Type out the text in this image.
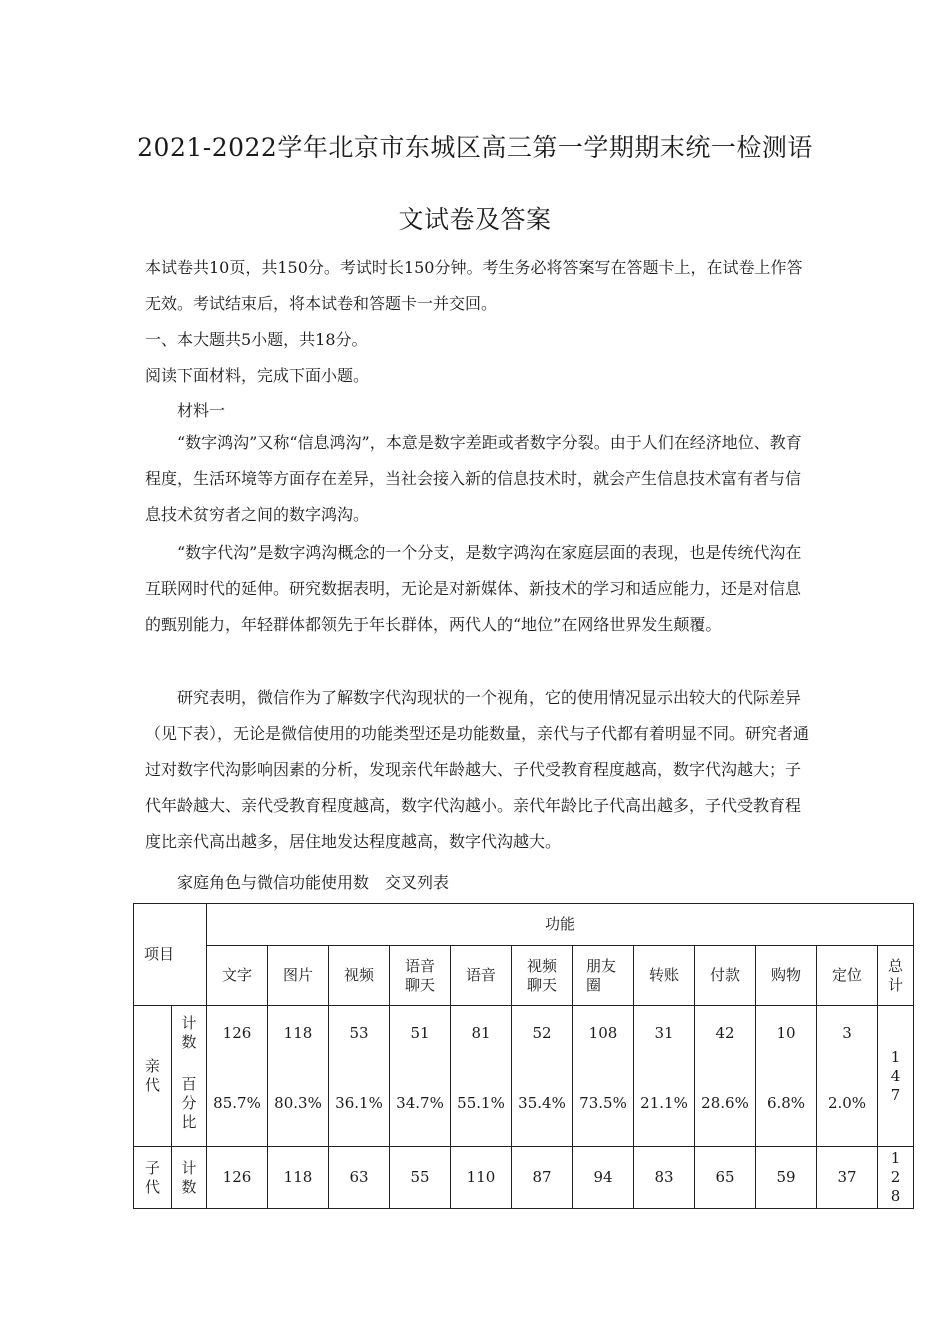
2021-2022学年北京市东城区高三第一学期期末统一检测语
文试卷及答案
本试卷共10页，共150分。考试时长150分钟。考生务必将答案写在答题卡上，在试卷上作答无效。考试结束后，将本试卷和答题卡一并交回。
一、本大题共5小题，共18分。
阅读下面材料，完成下面小题。
材料一
“数字鸿沟”又称“信息鸿沟”，本意是数字差距或者数字分裂。由于人们在经济地位、教育程度，生活环境等方面存在差异，当社会接入新的信息技术时，就会产生信息技术富有者与信息技术贫穷者之间的数字鸿沟。
“数字代沟”是数字鸿沟概念的一个分支，是数字鸿沟在家庭层面的表现，也是传统代沟在互联网时代的延伸。研究数据表明，无论是对新媒体、新技术的学习和适应能力，还是对信息的甄别能力，年轻群体都领先于年长群体，两代人的“地位”在网络世界发生颠覆。
研究表明，微信作为了解数字代沟现状的一个视角，它的使用情况显示出较大的代际差异（见下表），无论是微信使用的功能类型还是功能数量，亲代与子代都有着明显不同。研究者通过对数字代沟影响因素的分析，发现亲代年龄越大、子代受教育程度越高，数字代沟越大；子代年龄越大、亲代受教育程度越高，数字代沟越小。亲代年龄比子代高出越多，子代受教育程度比亲代高出越多，居住地发达程度越高，数字代沟越大。
家庭角色与微信功能使用数　交叉列表
项目		功能											
		文字	图片	视频	语音聊天	语音	视频聊天	朋友圈	转账	付款	购物	定位	总计

亲代	计数	126	118	53	51	81	52	108	31	42	10	3	147

	百分比	85.7%	80.3%	36.1%	34.7%	55.1%	35.4%	73.5%	21.1%	28.6%	6.8%	2.0%	

子代	计数	126	118	63	55	110	87	94	83	65	59	37	128
